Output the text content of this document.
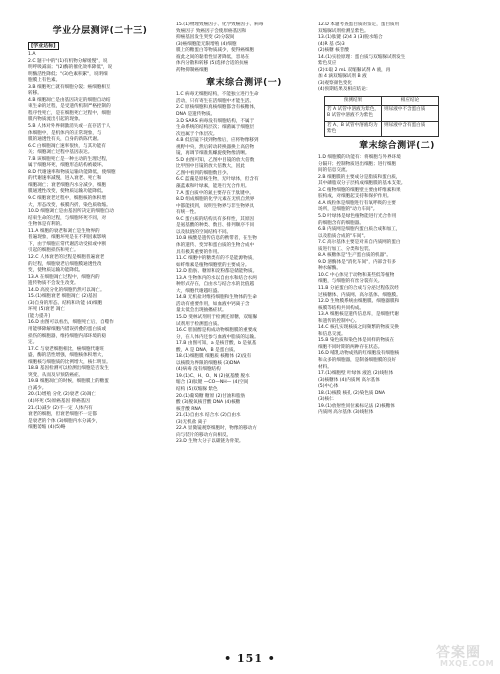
学业分层测评(二十三)
[学业达标]

1.A

2.C 题干中的"(1)有机物分解缓慢"，说

明呼吸减弱；"(2)酶的催化效率降低"，说

明酶活性降低；"(3)色素积累"，说明细

胞膜上有色素。

3.B 细胞死亡就有细胞分裂；癌细胞相互

转移。

4.B 细胞凋亡是由基因决定的细胞自动结

束生命的过程，是受遗传机制严格控制的

程序性死亡，是在细胞死亡过程中，细胞

膜内物质流出引起的现象。

5.B 人体对外界刺激消失或一直存活于人

体细胞中，是机体内的正常现象，与

膜的通透性有关，自身的新陈代谢。

6.C 白细胞凋亡速率很快，与其功能有

关；细胞凋亡过程中基因表达。

7.B 该细胞死亡是一种主动的生理过程，

属于细胞坏死，细胞形态结构被破坏。

8.D 代谢速率和物质运输功能降低，使细胞

的代谢速率减慢，进入衰老、死亡和

细胞凋亡；衰老细胞内水分减少，细胞

膜通透性改变，使物质运输功能降低。

9.C 细胞衰老过程中，细胞核的体积增

大，形态改变，核膜内折，染色质收缩。

10.D 细胞凋亡是由基因所决定的细胞自动

结束生命的过程，与细胞坏死不同，对

生物体是有利的。

11.A 细胞的衰老和凋亡是生物界的

普遍现象，细胞坏死是在不利因素影响

下，由于细胞正常代谢活动受损或中断

引起的细胞损伤和死亡。

12.C 人体衰老的过程是细胞普遍衰老

的过程，细胞衰老后细胞膜通透性改

变，使物质运输功能降低。

13.A 在细胞凋亡过程中，细胞内的

遗传物质不会发生改变。

14.D 高度分化的细胞仍然可以凋亡。

15.(1)细胞衰老 细胞凋亡 (2)基因

(3)自身的形态、结构和功能 (4)细胞

坏死 (5)衰老 凋亡

[能力提升]

16.D 由图可以看出，细胞死亡后，自噬作

用能够降解细胞内错误折叠的蛋白质或

损伤的细胞器，维持细胞内部环境的稳

定。

17.C 与衰老细胞相比，癌细胞代谢旺

盛，酶的活性增强，细胞核体积增大，

细胞核与细胞质的比例增大，核仁明显。

18.B 基因检测可以检测出细胞是否发生

突变，从而及早预防癌症。

19.B 细胞凋亡的时候，细胞膜上的糖蛋

白减少。

20.(1)增殖 分化 (2)衰老 (3)凋亡

(4)坏死 (5)原癌基因 抑癌基因

21.(1)减少 (2)不一定 人体内有

衰老的细胞，但衰老细胞不一定都

是衰老的个体 (3)细胞内水分减少，

细胞萎缩 (4)(5)略

15.(1)物理致癌因子、化学致癌因子、病毒

致癌因子 致癌因子会使原癌基因和

抑癌基因发生突变 (2)分裂间

(3)癌细胞能无限增殖 (4)细胞

膜上的糖蛋白等物质减少，使得癌细胞

彼此之间的黏着性显著降低，容易在

体内分散和转移 (5)选择合适的抗癌

药物抑制癌细胞

章末综合测评(一)

1.C 病毒无细胞结构，不能独立进行生命

活动，只有寄生在活细胞中才能生活。

2.C 原核细胞和真核细胞都含有核糖体，

DNA 是遗传物质。

3.D SARS 病毒没有细胞结构，不属于

生命系统的结构层次；细菌属于细胞层

次也属于个体层次。

4.B 低倍镜下找到物像后，应将物像移到

视野中央，然后转动转换器换上高倍物

镜，再调节细准焦螺旋使物像清晰。

5.D 由图可知，乙图中目镜的放大倍数

比甲图中目镜的放大倍数大，因此

乙图中看到的细胞数目少。

6.C 蓝藻是原核生物，无叶绿体，但含有

藻蓝素和叶绿素，能进行光合作用。

7.A 蛋白质中的氮主要存在于肽键中。

8.D 组成细胞的化学元素在无机自然界

中都能找到，说明生物界与非生物界具

有统一性。

9.C 蛋白质的结构具有多样性，其原因

是氨基酸的种类、数目、排列顺序不同

以及肽链的空间结构不同。

10.B 核酸是遗传信息的携带者，在生物

体的遗传、变异和蛋白质的生物合成中

具有极其重要的作用。

11.C 细胞中的糖类有的不是能源物质，

如纤维素是植物细胞壁的主要成分。

12.D 脂肪、糖原和淀粉都是储能物质。

13.A 生物体内的水以自由水和结合水两

种形式存在，自由水与结合水的比值越

大，细胞代谢越旺盛。

14.B 无机盐对维持细胞和生物体的生命

活动有重要作用，如血液中钙离子含

量太低会出现抽搐症状。

15.D 斐林试剂用于检测还原糖，双缩脲

试剂用于检测蛋白质。

16.C 胆固醇是构成动物细胞膜的重要成

分，在人体内还参与血液中脂质的运输。

17.B 由图可知，a 是核苷酸，b 是氨基

酸，A 是 DNA，B 是蛋白质。

18.(1)细胞膜 细胞质 核糖体 (2)没有

以核膜为界限的细胞核 (3)DNA

(4)病毒 没有细胞结构

19.(1)C、H、O、N (2)氨基酸 脱水

缩合 (3)肽键 —CO—NH— (4)空间

结构 (5)双缩脲 紫色

20.(1)葡萄糖 糖原 (2)甘油和脂肪

酸 (3)脱氧核苷酸 DNA (4)核糖

核苷酸 RNA

21.(1)自由水 结合水 (2)自由水

(3)无机盐 离子

22.A 显微镜观察细胞时，物像的移动方

向与装片的移动方向相反。

23.D 生物大分子以碳链为骨架。

12.D 本题考查蛋白质的鉴定，蛋白质用

双缩脲试剂检测呈紫色。

13.(1)肽键 (2)4 3 (3)脱水缩合

(4)R 基 (5)3

(2)核糖 核苷酸

14.(1)实验原理：蛋白质与双缩脲试剂发生

紫色反应

(2)①取 2 mL 双缩脲试剂 A 液，再

加 4 滴双缩脲试剂 B 液

(3)观察颜色变化

(4)预期结果及相应结论：

预测结果	相应结论
若 A 试管中溶液为紫色，B 试管中溶液不为紫色	则尿液中不含蛋白质
若 A、B 试管中溶液均为紫色	则尿液中含有蛋白质
章末综合测评(二)

1.D 细胞膜的功能有：将细胞与外界环境

分隔开；控制物质进出细胞；进行细胞

间的信息交流。

2.B 细胞膜的主要成分是脂质和蛋白质，

其中磷脂双分子层构成细胞膜的基本支架。

3.C 植物细胞的细胞壁主要由纤维素和果

胶构成，对细胞起支持和保护作用。

4.A 线粒体是细胞进行有氧呼吸的主要

场所，是细胞的"动力车间"。

5.D 叶绿体是绿色植物能进行光合作用

的细胞含有的细胞器。

6.B 内质网是细胞内蛋白质合成和加工，

以及脂质合成的"车间"。

7.C 高尔基体主要是对来自内质网的蛋白

质进行加工、分类和包装。

8.A 核糖体是"生产蛋白质的机器"。

9.D 溶酶体是"消化车间"，内部含有多

种水解酶。

10.C 中心体见于动物和某些低等植物

细胞，与细胞的有丝分裂有关。

11.B 分泌蛋白的合成与分泌过程依次经

过核糖体、内质网、高尔基体、细胞膜。

12.D 生物膜系统由细胞膜、细胞器膜和

核膜等结构共同构成。

13.A 细胞核是遗传信息库，是细胞代谢

和遗传的控制中心。

14.C 核孔实现核质之间频繁的物质交换

和信息交流。

15.B 染色质和染色体是同样的物质在

细胞不同时期的两种存在状态。

16.D 哺乳动物成熟的红细胞没有细胞核

和众多的细胞器，是制备细胞膜的良好

材料。

17.(1)细胞壁 叶绿体 液泡 (2)线粒体

(3)核糖体 (4)内质网 高尔基体

(5)中心体

18.(1)核膜 核孔 (2)染色质 DNA

(3)核仁

19.(1)放射性同位素标记法 (2)核糖体

内质网 高尔基体 (3)线粒体

• 151 •	答案圈
MXQE.COM
